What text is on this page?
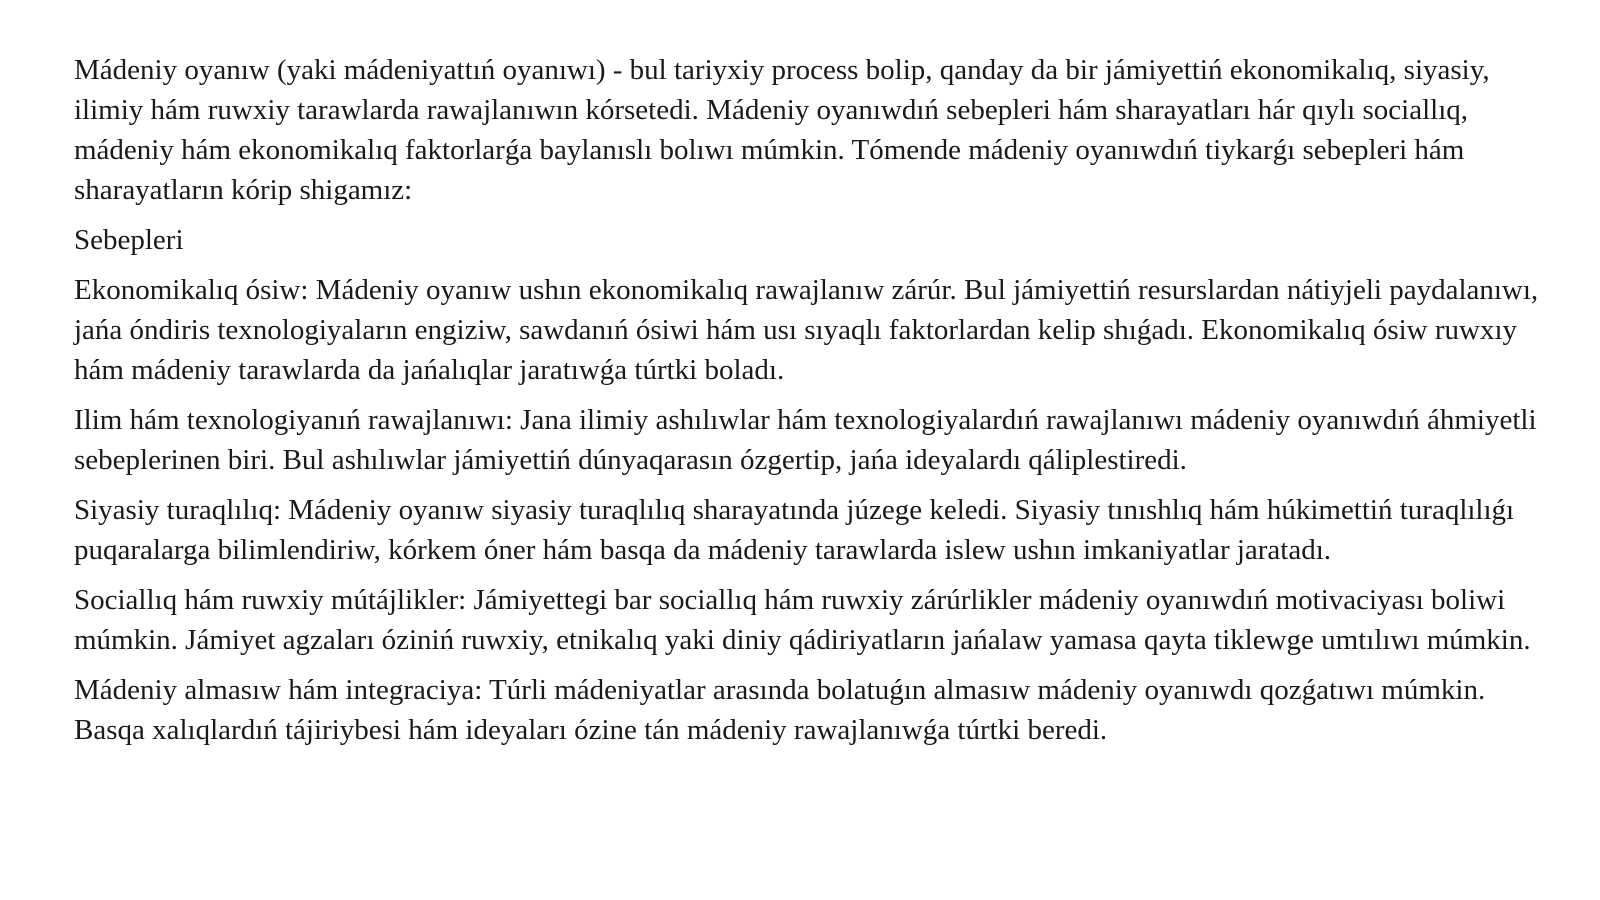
Mádeniy oyanıw (yaki mádeniyattıń oyanıwı) - bul tariyxiy process bolip, qanday da bir jámiyettiń ekonomikalıq, siyasiy, ilimiy hám ruwxiy tarawlarda rawajlanıwın kórsetedi. Mádeniy oyanıwdıń sebepleri hám sharayatları hár qıylı sociallıq, mádeniy hám ekonomikalıq faktorlarǵa baylanıslı bolıwı múmkin. Tómende mádeniy oyanıwdıń tiykarǵı sebepleri hám sharayatların kórip shigamız:

Sebepleri

Ekonomikalıq ósiw: Mádeniy oyanıw ushın ekonomikalıq rawajlanıw zárúr. Bul jámiyettiń resurslardan nátiyjeli paydalanıwı, jańa óndiris texnologiyaların engiziw, sawdanıń ósiwi hám usı sıyaqlı faktorlardan kelip shıǵadı. Ekonomikalıq ósiw ruwxıy hám mádeniy tarawlarda da jańalıqlar jaratıwǵa túrtki boladı.

Ilim hám texnologiyanıń rawajlanıwı: Jana ilimiy ashılıwlar hám texnologiyalardıń rawajlanıwı mádeniy oyanıwdıń áhmiyetli sebeplerinen biri. Bul ashılıwlar jámiyettiń dúnyaqarasın ózgertip, jańa ideyalardı qáliplestiredi.

Siyasiy turaqlılıq: Mádeniy oyanıw siyasiy turaqlılıq sharayatında júzege keledi. Siyasiy tınıshlıq hám húkimettiń turaqlılıǵı puqaralarga bilimlendiriw, kórkem óner hám basqa da mádeniy tarawlarda islew ushın imkaniyatlar jaratadı.

Sociallıq hám ruwxiy mútájlikler: Jámiyettegi bar sociallıq hám ruwxiy zárúrlikler mádeniy oyanıwdıń motivaciyası boliwi múmkin. Jámiyet agzaları óziniń ruwxiy, etnikalıq yaki diniy qádiriyatların jańalaw yamasa qayta tiklewge umtılıwı múmkin.

Mádeniy almasıw hám integraciya: Túrli mádeniyatlar arasında bolatuǵın almasıw mádeniy oyanıwdı qozǵatıwı múmkin. Basqa xalıqlardıń tájiriybesi hám ideyaları ózine tán mádeniy rawajlanıwǵa túrtki beredi.
